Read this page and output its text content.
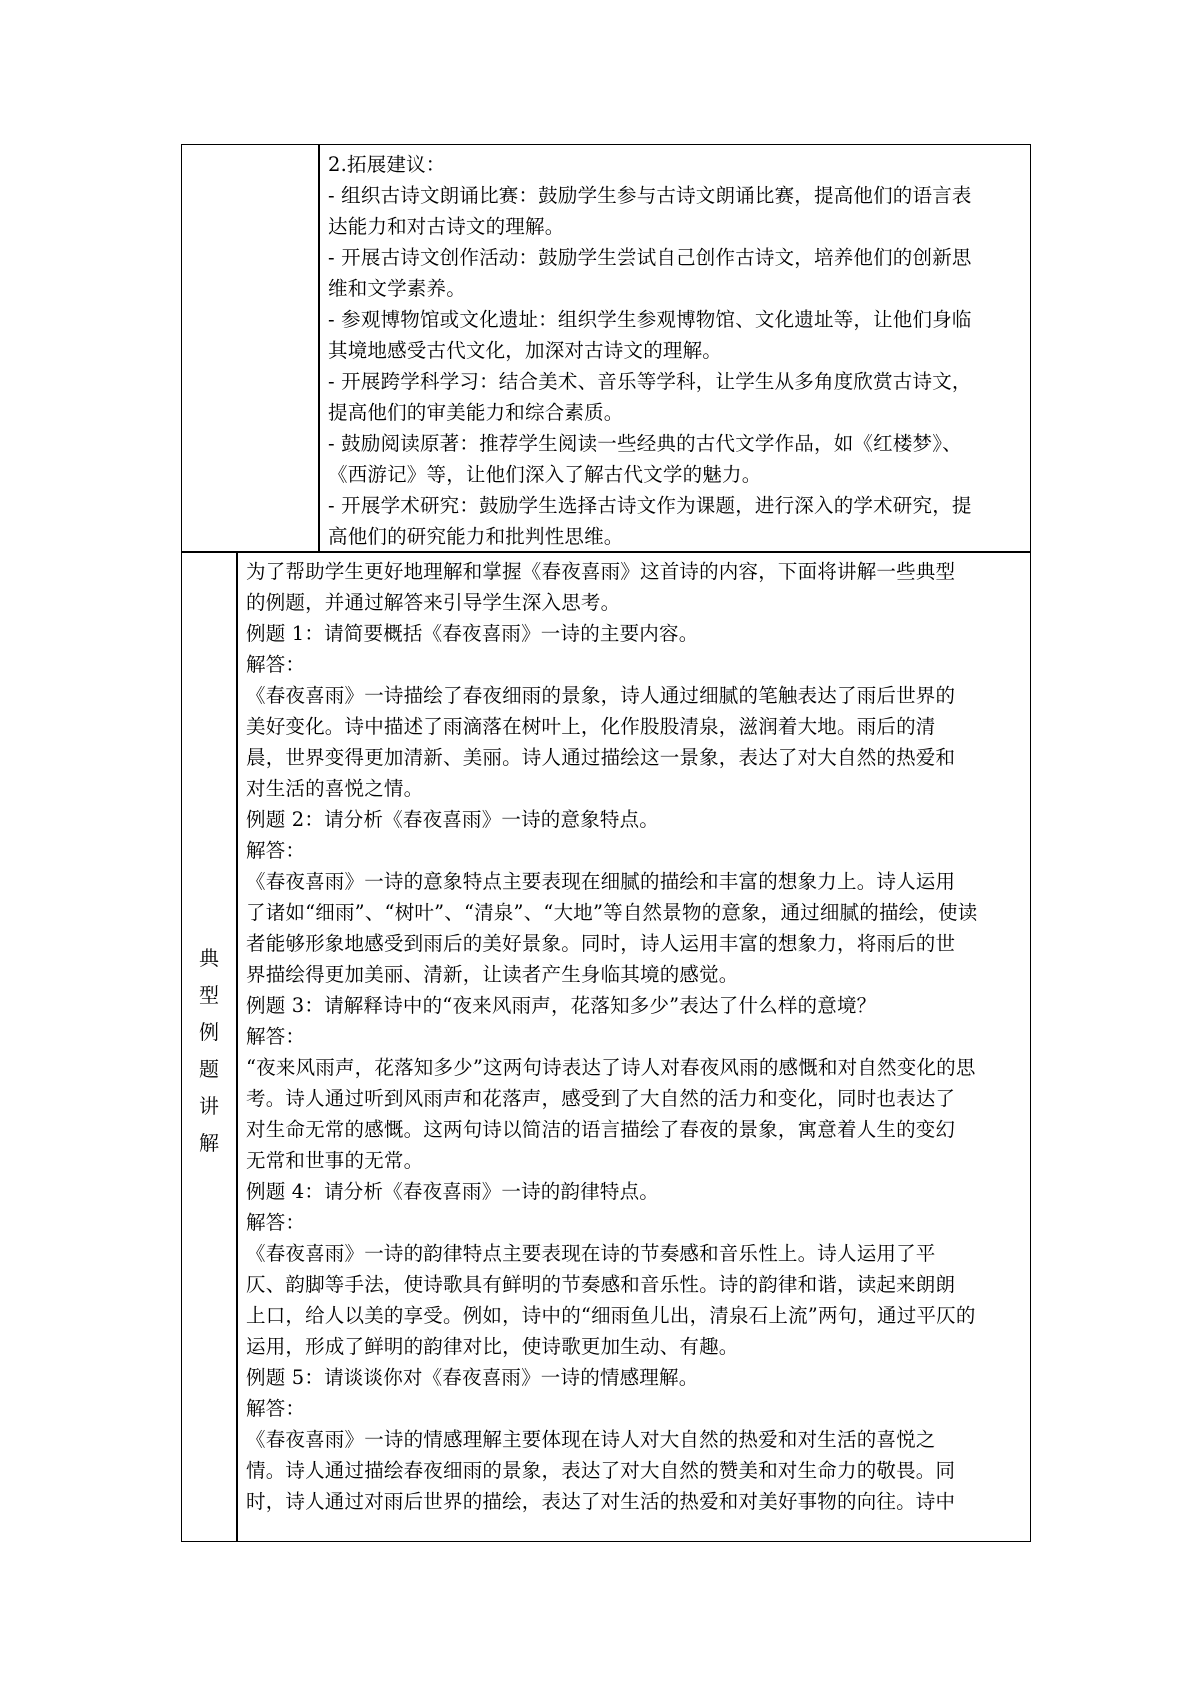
2.拓展建议：

- 组织古诗文朗诵比赛：鼓励学生参与古诗文朗诵比赛，提高他们的语言表

达能力和对古诗文的理解。

- 开展古诗文创作活动：鼓励学生尝试自己创作古诗文，培养他们的创新思

维和文学素养。

- 参观博物馆或文化遗址：组织学生参观博物馆、文化遗址等，让他们身临

其境地感受古代文化，加深对古诗文的理解。

- 开展跨学科学习：结合美术、音乐等学科，让学生从多角度欣赏古诗文，

提高他们的审美能力和综合素质。

- 鼓励阅读原著：推荐学生阅读一些经典的古代文学作品，如《红楼梦》、

《西游记》等，让他们深入了解古代文学的魅力。

- 开展学术研究：鼓励学生选择古诗文作为课题，进行深入的学术研究，提

高他们的研究能力和批判性思维。

典
型
例
题
讲
解

为了帮助学生更好地理解和掌握《春夜喜雨》这首诗的内容，下面将讲解一些典型

的例题，并通过解答来引导学生深入思考。

例题 1：请简要概括《春夜喜雨》一诗的主要内容。

解答：

《春夜喜雨》一诗描绘了春夜细雨的景象，诗人通过细腻的笔触表达了雨后世界的

美好变化。诗中描述了雨滴落在树叶上，化作股股清泉，滋润着大地。雨后的清

晨，世界变得更加清新、美丽。诗人通过描绘这一景象，表达了对大自然的热爱和

对生活的喜悦之情。

例题 2：请分析《春夜喜雨》一诗的意象特点。

解答：

《春夜喜雨》一诗的意象特点主要表现在细腻的描绘和丰富的想象力上。诗人运用

了诸如“细雨”、“树叶”、“清泉”、“大地”等自然景物的意象，通过细腻的描绘，使读

者能够形象地感受到雨后的美好景象。同时，诗人运用丰富的想象力，将雨后的世

界描绘得更加美丽、清新，让读者产生身临其境的感觉。

例题 3：请解释诗中的“夜来风雨声，花落知多少”表达了什么样的意境？

解答：

“夜来风雨声，花落知多少”这两句诗表达了诗人对春夜风雨的感慨和对自然变化的思

考。诗人通过听到风雨声和花落声，感受到了大自然的活力和变化，同时也表达了

对生命无常的感慨。这两句诗以简洁的语言描绘了春夜的景象，寓意着人生的变幻

无常和世事的无常。

例题 4：请分析《春夜喜雨》一诗的韵律特点。

解答：

《春夜喜雨》一诗的韵律特点主要表现在诗的节奏感和音乐性上。诗人运用了平

仄、韵脚等手法，使诗歌具有鲜明的节奏感和音乐性。诗的韵律和谐，读起来朗朗

上口，给人以美的享受。例如，诗中的“细雨鱼儿出，清泉石上流”两句，通过平仄的

运用，形成了鲜明的韵律对比，使诗歌更加生动、有趣。

例题 5：请谈谈你对《春夜喜雨》一诗的情感理解。

解答：

《春夜喜雨》一诗的情感理解主要体现在诗人对大自然的热爱和对生活的喜悦之

情。诗人通过描绘春夜细雨的景象，表达了对大自然的赞美和对生命力的敬畏。同

时，诗人通过对雨后世界的描绘，表达了对生活的热爱和对美好事物的向往。诗中
